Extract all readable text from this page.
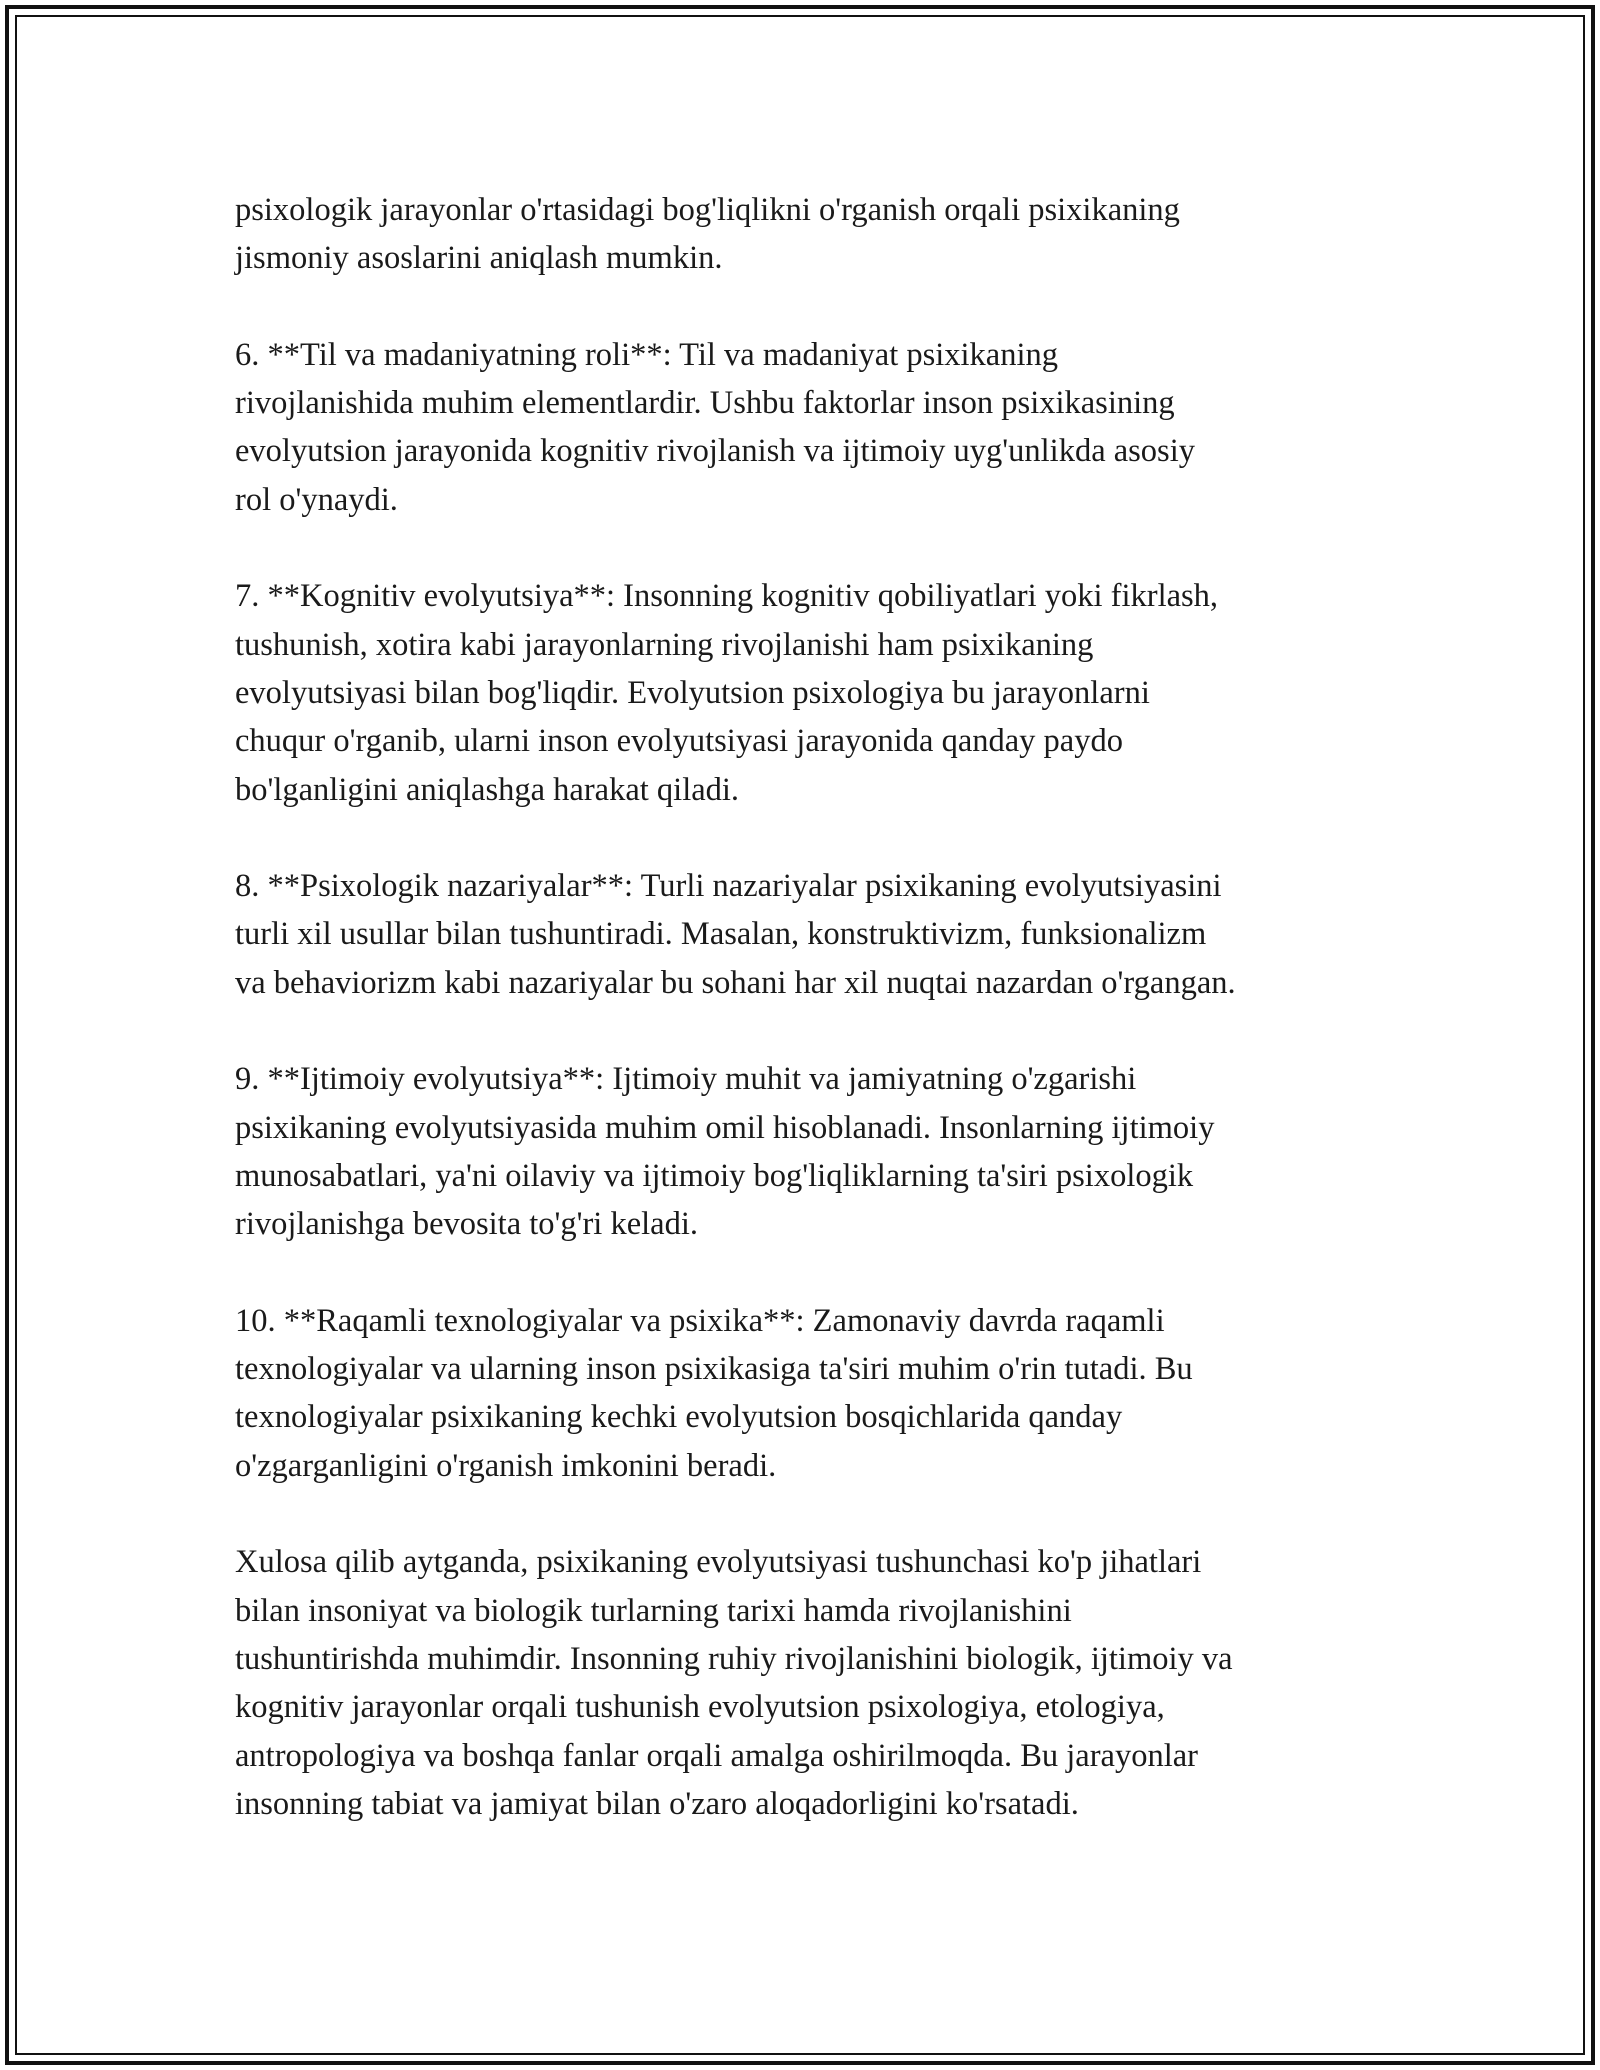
psixologik jarayonlar o'rtasidagi bog'liqlikni o'rganish orqali psixikaning
jismoniy asoslarini aniqlash mumkin.

6. **Til va madaniyatning roli**: Til va madaniyat psixikaning
rivojlanishida muhim elementlardir. Ushbu faktorlar inson psixikasining
evolyutsion jarayonida kognitiv rivojlanish va ijtimoiy uyg'unlikda asosiy
rol o'ynaydi.

7. **Kognitiv evolyutsiya**: Insonning kognitiv qobiliyatlari yoki fikrlash,
tushunish, xotira kabi jarayonlarning rivojlanishi ham psixikaning
evolyutsiyasi bilan bog'liqdir. Evolyutsion psixologiya bu jarayonlarni
chuqur o'rganib, ularni inson evolyutsiyasi jarayonida qanday paydo
bo'lganligini aniqlashga harakat qiladi.

8. **Psixologik nazariyalar**: Turli nazariyalar psixikaning evolyutsiyasini
turli xil usullar bilan tushuntiradi. Masalan, konstruktivizm, funksionalizm
va behaviorizm kabi nazariyalar bu sohani har xil nuqtai nazardan o'rgangan.

9. **Ijtimoiy evolyutsiya**: Ijtimoiy muhit va jamiyatning o'zgarishi
psixikaning evolyutsiyasida muhim omil hisoblanadi. Insonlarning ijtimoiy
munosabatlari, ya'ni oilaviy va ijtimoiy bog'liqliklarning ta'siri psixologik
rivojlanishga bevosita to'g'ri keladi.

10. **Raqamli texnologiyalar va psixika**: Zamonaviy davrda raqamli
texnologiyalar va ularning inson psixikasiga ta'siri muhim o'rin tutadi. Bu
texnologiyalar psixikaning kechki evolyutsion bosqichlarida qanday
o'zgarganligini o'rganish imkonini beradi.

Xulosa qilib aytganda, psixikaning evolyutsiyasi tushunchasi ko'p jihatlari
bilan insoniyat va biologik turlarning tarixi hamda rivojlanishini
tushuntirishda muhimdir. Insonning ruhiy rivojlanishini biologik, ijtimoiy va
kognitiv jarayonlar orqali tushunish evolyutsion psixologiya, etologiya,
antropologiya va boshqa fanlar orqali amalga oshirilmoqda. Bu jarayonlar
insonning tabiat va jamiyat bilan o'zaro aloqadorligini ko'rsatadi.
